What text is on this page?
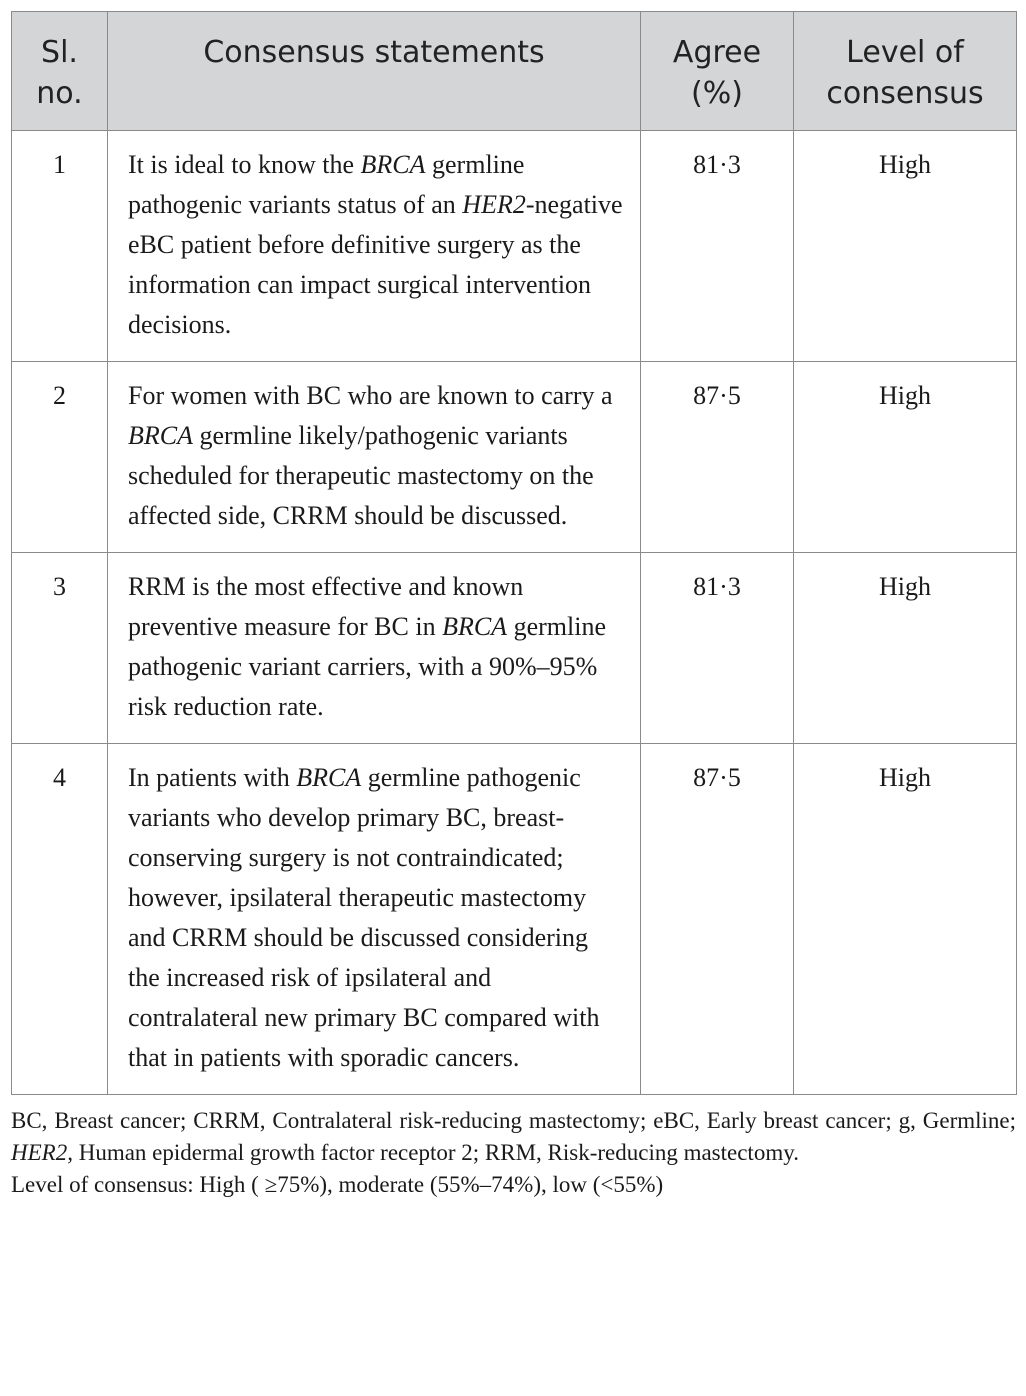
Sl. no.	Consensus statements	Agree (%)	Level of consensus
1	It is ideal to know the BRCA germline pathogenic variants status of an HER2-negative eBC patient before definitive surgery as the information can impact surgical intervention decisions.	81·3	High
2	For women with BC who are known to carry a BRCA germline likely/pathogenic variants scheduled for therapeutic mastectomy on the affected side, CRRM should be discussed.	87·5	High
3	RRM is the most effective and known preventive measure for BC in BRCA germline pathogenic variant carriers, with a 90%–95% risk reduction rate.	81·3	High
4	In patients with BRCA germline pathogenic variants who develop primary BC, breast-conserving surgery is not contraindicated; however, ipsilateral therapeutic mastectomy and CRRM should be discussed considering the increased risk of ipsilateral and contralateral new primary BC compared with that in patients with sporadic cancers.	87·5	High

BC, Breast cancer; CRRM, Contralateral risk-reducing mastectomy; eBC, Early breast cancer; g, Germline; HER2, Human epidermal growth factor receptor 2; RRM, Risk-reducing mastectomy.

Level of consensus: High ( ≥75%), moderate (55%–74%), low (<55%)
